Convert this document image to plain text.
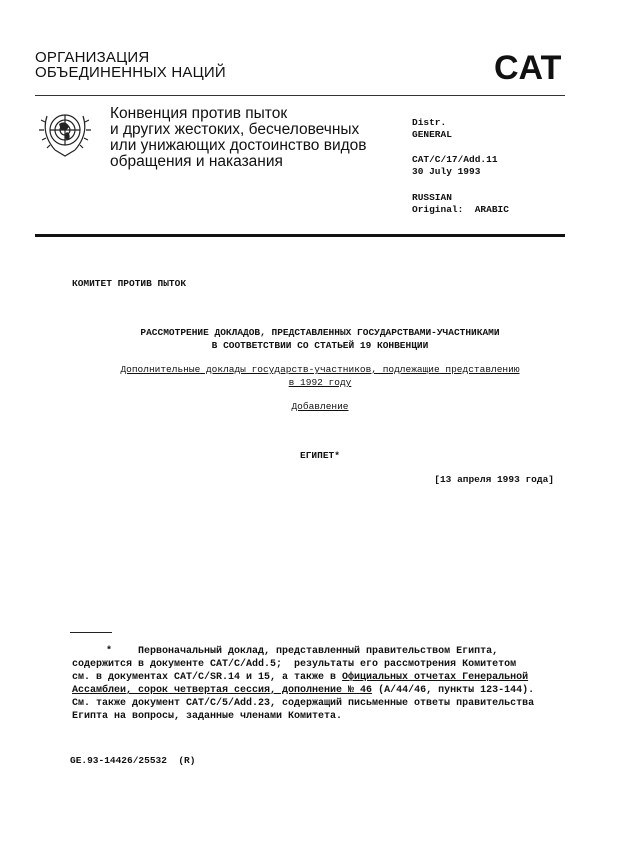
ОРГАНИЗАЦИЯ
ОБЪЕДИНЕННЫХ НАЦИЙ	CAT
Конвенция против пыток
и других жестоких, бесчеловечных
или унижающих достоинство видов
обращения и наказания
Distr.
GENERAL
CAT/C/17/Add.11
30 July 1993
RUSSIAN
Original:  ARABIC
КОМИТЕТ ПРОТИВ ПЫТОК
РАССМОТРЕНИЕ ДОКЛАДОВ, ПРЕДСТАВЛЕННЫХ ГОСУДАРСТВАМИ-УЧАСТНИКАМИ
В СООТВЕТСТВИИ СО СТАТЬЕЙ 19 КОНВЕНЦИИ
Дополнительные доклады государств-участников, подлежащие представлению
в 1992 году
Добавление
ЕГИПЕТ*
[13 апреля 1993 года]
*	Первоначальный доклад, представленный правительством Египта,
содержится в документе CAT/C/Add.5;  результаты его рассмотрения Комитетом
см. в документах CAT/C/SR.14 и 15, а также в Официальных отчетах Генеральной
Ассамблеи, сорок четвертая сессия, дополнение № 46 (A/44/46, пункты 123-144).
См. также документ CAT/C/5/Add.23, содержащий письменные ответы правительства
Египта на вопросы, заданные членами Комитета.
GE.93-14426/25532  (R)
